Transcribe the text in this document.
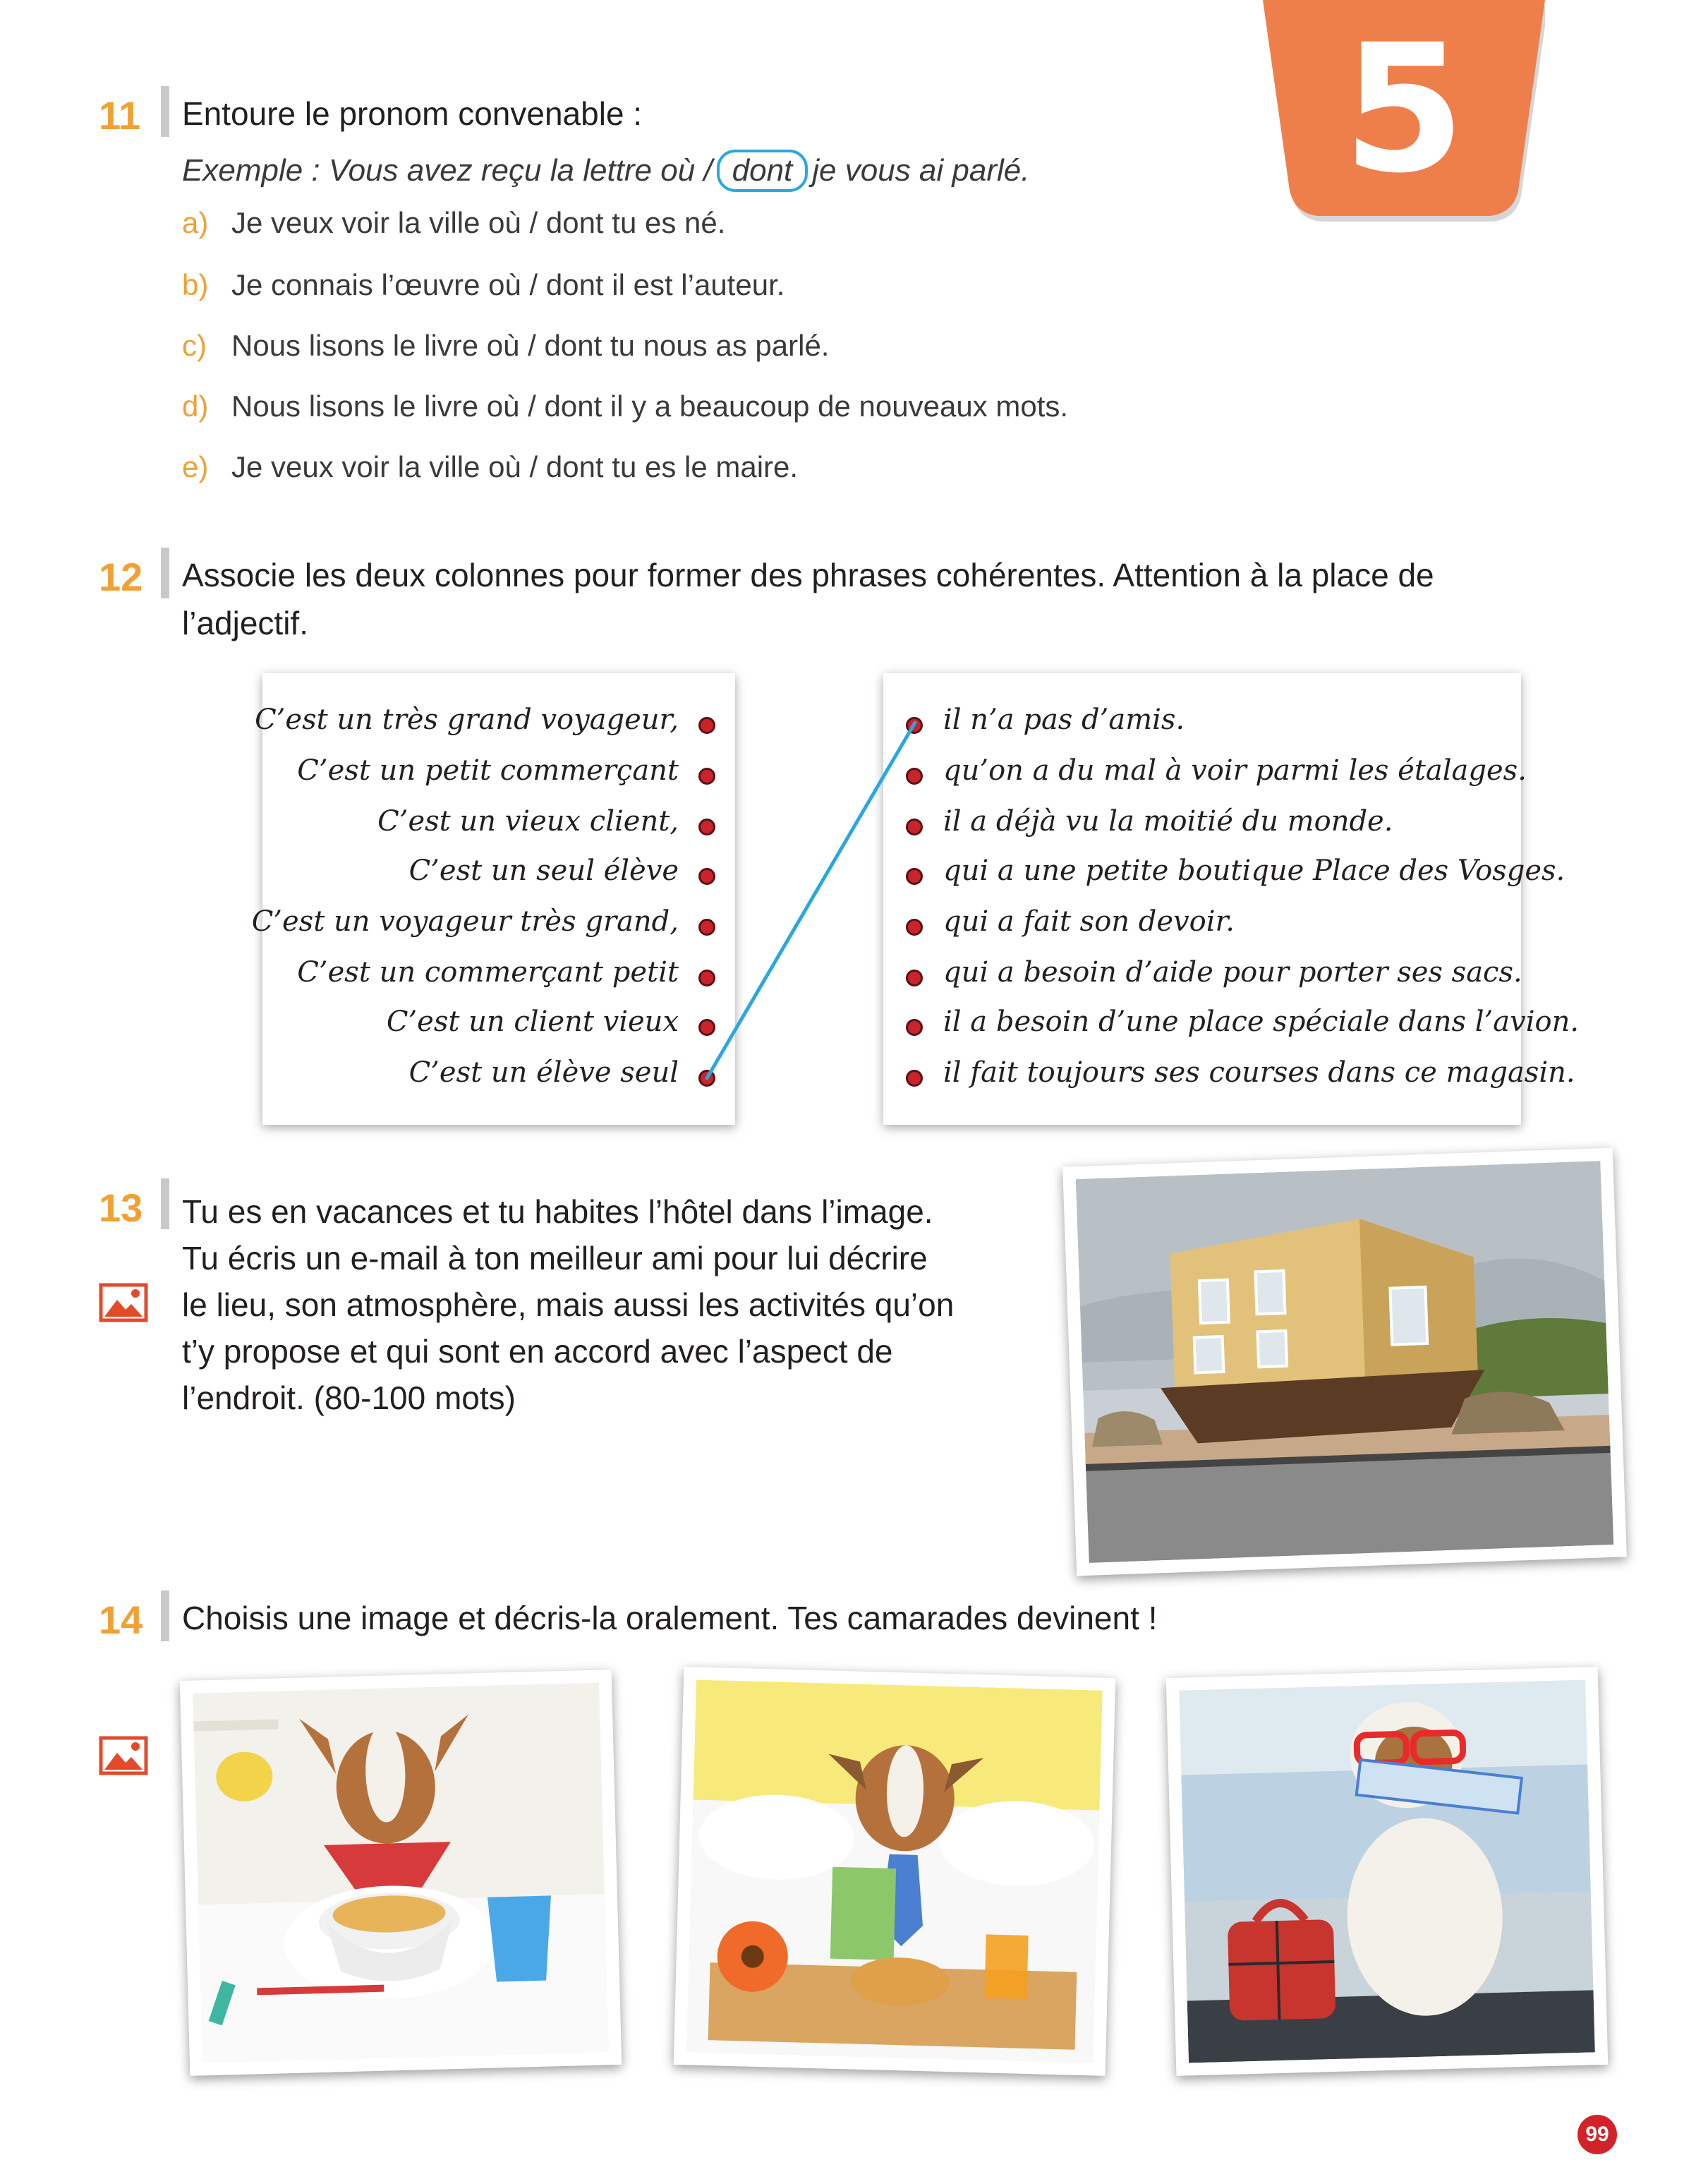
5
11 Entoure le pronom convenable :
Exemple : Vous avez reçu la lettre où / dont je vous ai parlé.
a) Je veux voir la ville où / dont tu es né.
b) Je connais l’œuvre où / dont il est l’auteur.
c) Nous lisons le livre où / dont tu nous as parlé.
d) Nous lisons le livre où / dont il y a beaucoup de nouveaux mots.
e) Je veux voir la ville où / dont tu es le maire.
12 Associe les deux colonnes pour former des phrases cohérentes. Attention à la place de
l’adjectif.
C’est un très grand voyageur,
C’est un petit commerçant
C’est un vieux client,
C’est un seul élève
C’est un voyageur très grand,
C’est un commerçant petit
C’est un client vieux
C’est un élève seul
il n’a pas d’amis.
qu’on a du mal à voir parmi les étalages.
il a déjà vu la moitié du monde.
qui a une petite boutique Place des Vosges.
qui a fait son devoir.
qui a besoin d’aide pour porter ses sacs.
il a besoin d’une place spéciale dans l’avion.
il fait toujours ses courses dans ce magasin.
13 Tu es en vacances et tu habites l’hôtel dans l’image.
Tu écris un e-mail à ton meilleur ami pour lui décrire
le lieu, son atmosphère, mais aussi les activités qu’on
t’y propose et qui sont en accord avec l’aspect de
l’endroit. (80-100 mots)
14 Choisis une image et décris-la oralement. Tes camarades devinent !
99
